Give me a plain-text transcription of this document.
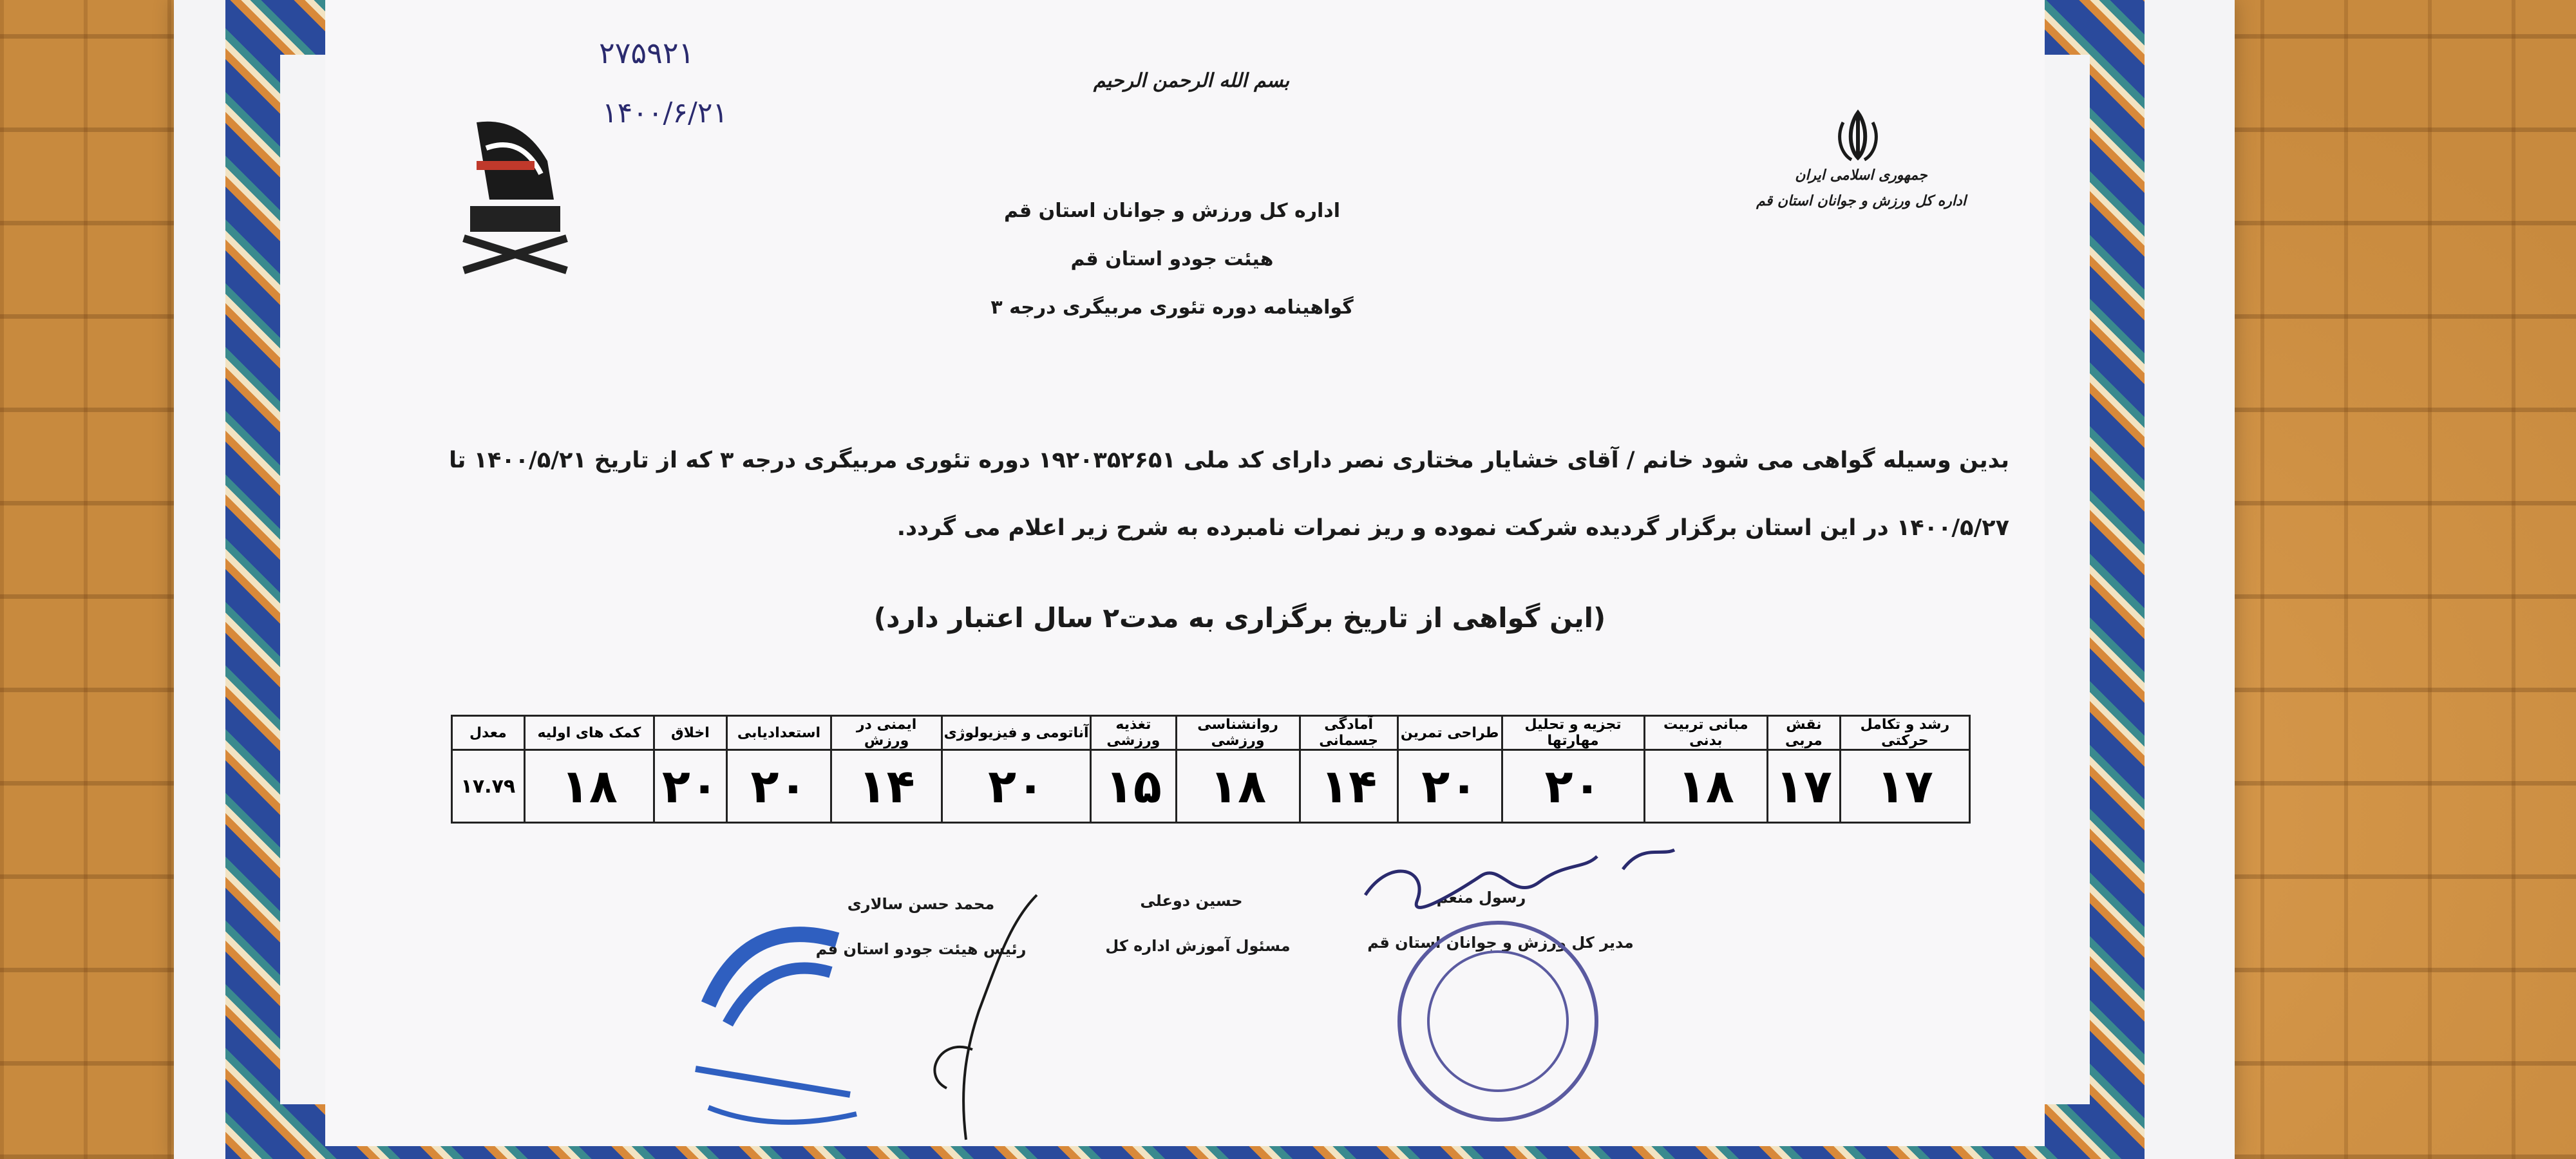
۲۷۵۹۲۱
۱۴۰۰/۶/۲۱
بسم الله الرحمن الرحیم
جمهوری اسلامی ایران
اداره کل ورزش و جوانان استان قم
اداره کل ورزش و جوانان استان قم
هیئت جودو استان قم
گواهینامه دوره تئوری مربیگری درجه ۳
بدین وسیله گواهی می شود خانم / آقای خشایار مختاری نصر دارای کد ملی ۱۹۲۰۳۵۲۶۵۱ دوره تئوری مربیگری درجه ۳ که از تاریخ ۱۴۰۰/۵/۲۱ تا
۱۴۰۰/۵/۲۷ در این استان برگزار گردیده شرکت نموده و ریز نمرات نامبرده به شرح زیر اعلام می گردد.
(این گواهی از تاریخ برگزاری به مدت۲ سال اعتبار دارد)
رشد و تکامل حرکتی	نقش مربی	مبانی تربیت بدنی	تجزیه و تحلیل مهارتها	طراحی تمرین	آمادگی جسمانی	روانشناسی ورزشی	تغذیه ورزشی	آناتومی و فیزیولوژی	ایمنی در ورزش	استعدادیابی	اخلاق	کمک های اولیه	معدل
۱۷	۱۷	۱۸	۲۰	۲۰	۱۴	۱۸	۱۵	۲۰	۱۴	۲۰	۲۰	۱۸	۱۷.۷۹
رسول منعم
مدیر کل ورزش و جوانان استان قم
حسین دوعلی
مسئول آموزش اداره کل
محمد حسن سالاری
رئیس هیئت جودو استان قم
